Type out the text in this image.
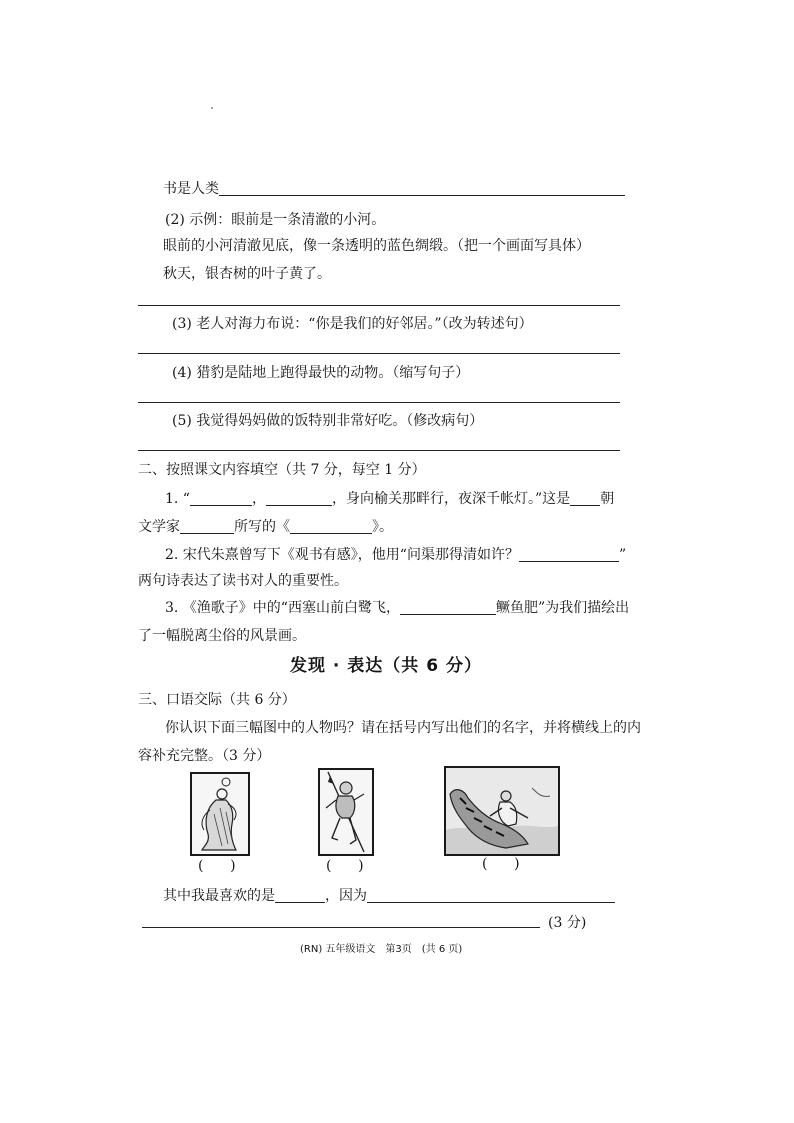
书是人类
(2) 示例：眼前是一条清澈的小河。
眼前的小河清澈见底，像一条透明的蓝色绸缎。（把一个画面写具体）
秋天，银杏树的叶子黄了。
(3) 老人对海力布说：“你是我们的好邻居。”（改为转述句）
(4) 猎豹是陆地上跑得最快的动物。（缩写句子）
(5) 我觉得妈妈做的饭特别非常好吃。（修改病句）
二、按照课文内容填空（共 7 分，每空 1 分）
1. “	，	，身向榆关那畔行，夜深千帐灯。”这是 朝
文学家	所写的《	》。
2. 宋代朱熹曾写下《观书有感》，他用“问渠那得清如许？	”
两句诗表达了读书对人的重要性。
3. 《渔歌子》中的“西塞山前白鹭飞，	鳜鱼肥”为我们描绘出
了一幅脱离尘俗的风景画。
发现 · 表达（共 6 分）
三、口语交际（共 6 分）
你认识下面三幅图中的人物吗？请在括号内写出他们的名字，并将横线上的内
容补充完整。（3 分）
(      )	(      )	(      )
其中我最喜欢的是	，因为
(3 分)
(RN) 五年级语文　第3页　(共 6 页)
